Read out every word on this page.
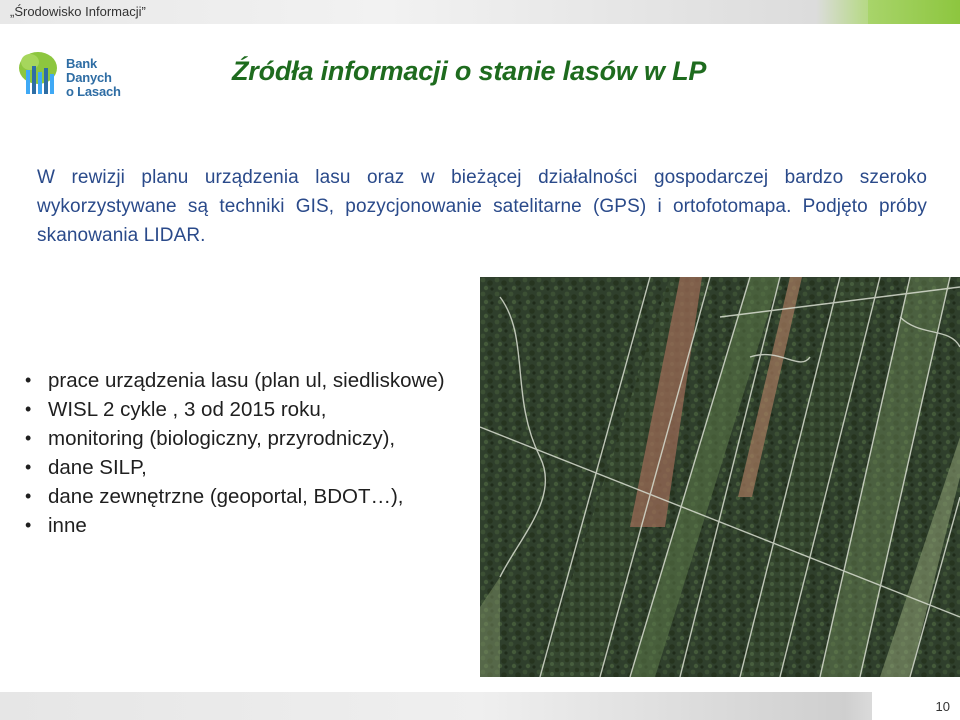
„Środowisko Informacji”
Bank Danych
o Lasach
Źródła informacji o stanie lasów w LP
W rewizji planu urządzenia lasu oraz w bieżącej działalności gospodarczej bardzo szeroko wykorzystywane są techniki GIS, pozycjonowanie satelitarne (GPS) i ortofotomapa. Podjęto próby skanowania LIDAR.
• prace urządzenia lasu (plan ul, siedliskowe)
• WISL 2 cykle , 3 od 2015 roku,
• monitoring (biologiczny, przyrodniczy),
• dane SILP,
• dane zewnętrzne (geoportal, BDOT…),
• inne
10
